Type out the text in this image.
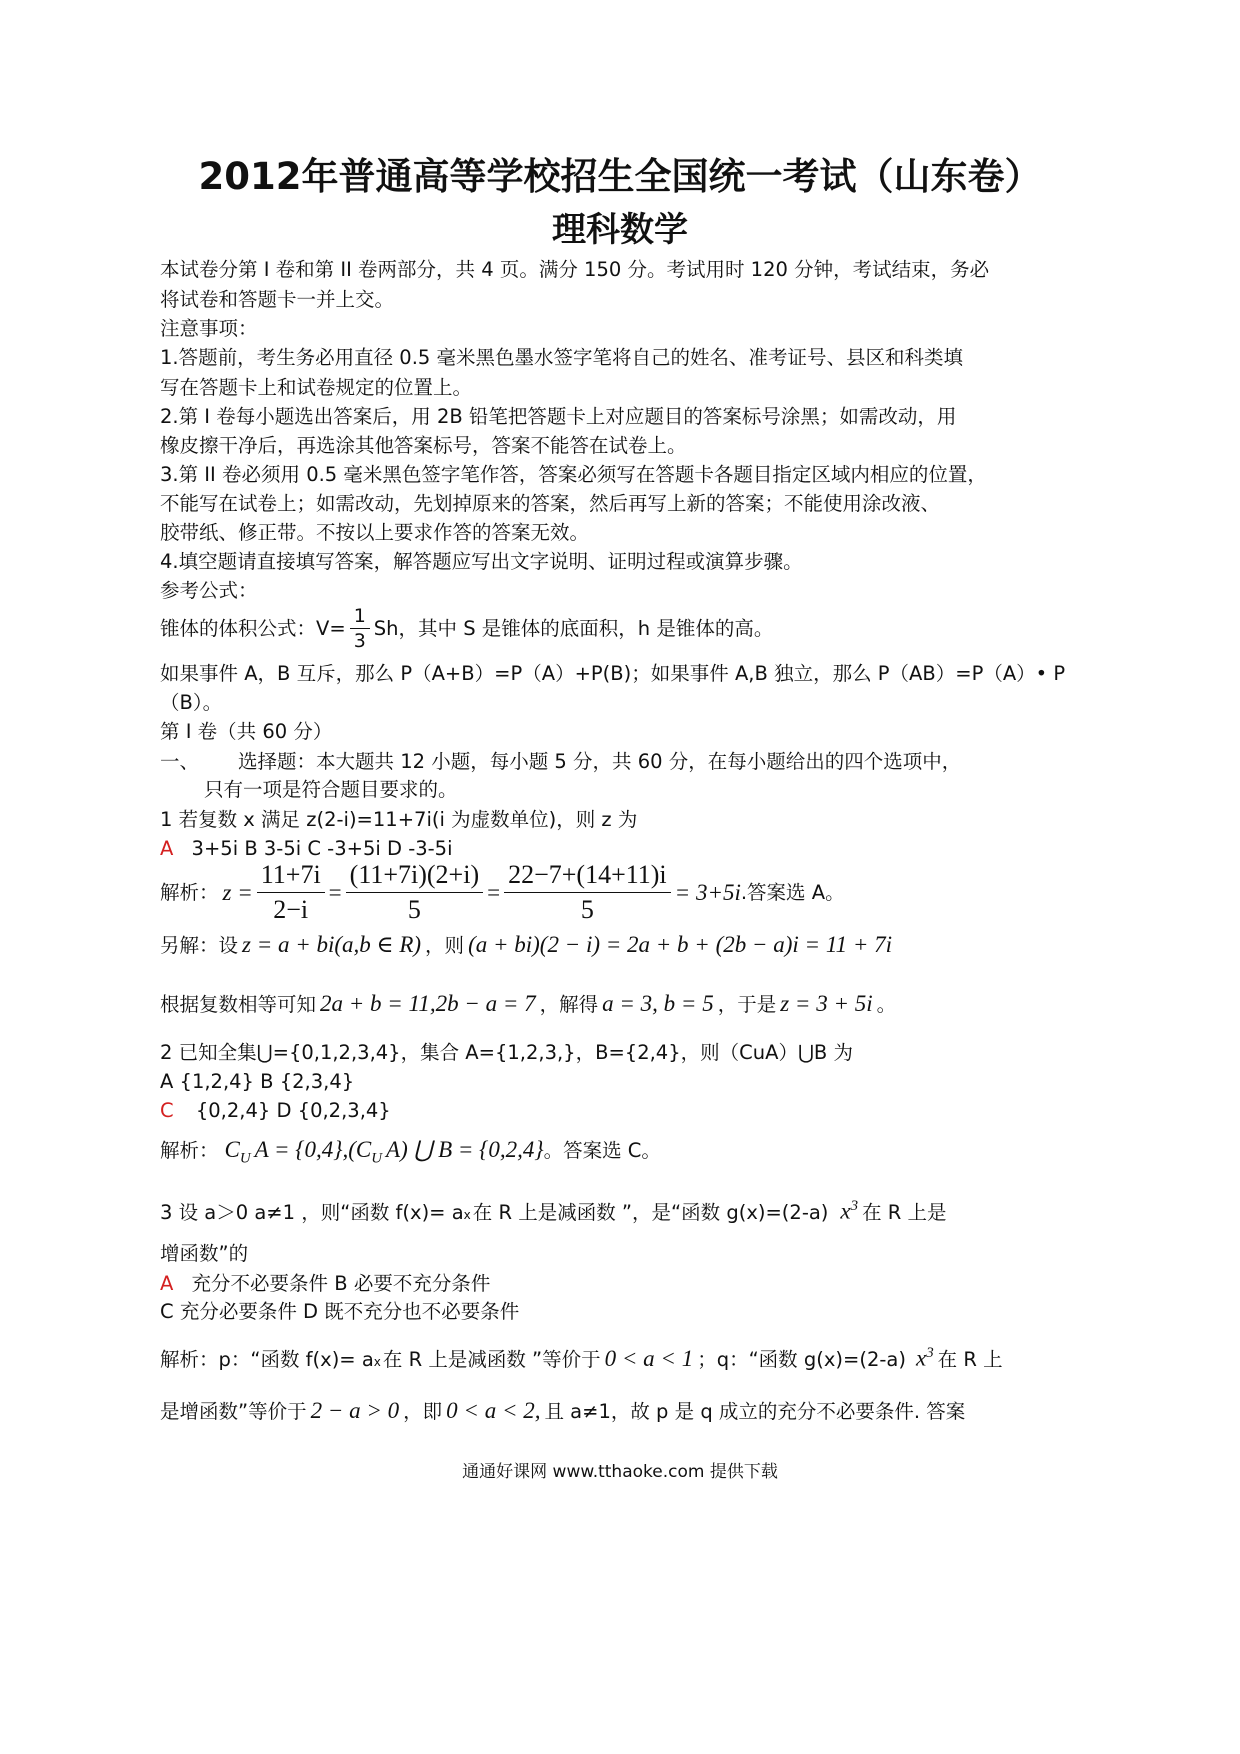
2012年普通高等学校招生全国统一考试（山东卷）
理科数学
本试卷分第 I 卷和第 II 卷两部分，共 4 页。满分 150 分。考试用时 120 分钟，考试结束，务必
将试卷和答题卡一并上交。
注意事项：
1.答题前，考生务必用直径 0.5 毫米黑色墨水签字笔将自己的姓名、准考证号、县区和科类填
写在答题卡上和试卷规定的位置上。
2.第 I 卷每小题选出答案后，用 2B 铅笔把答题卡上对应题目的答案标号涂黑；如需改动，用
橡皮擦干净后，再选涂其他答案标号，答案不能答在试卷上。
3.第 II 卷必须用 0.5 毫米黑色签字笔作答，答案必须写在答题卡各题目指定区域内相应的位置，
不能写在试卷上；如需改动，先划掉原来的答案，然后再写上新的答案；不能使用涂改液、
胶带纸、修正带。不按以上要求作答的答案无效。
4.填空题请直接填写答案，解答题应写出文字说明、证明过程或演算步骤。
参考公式：
锥体的体积公式：$V= \frac{1}{3}$ Sh，其中 S 是锥体的底面积，h 是锥体的高。
如果事件 A，B 互斥，那么 P（A+B）=P（A）+P(B)；如果事件 A,B 独立，那么 P（AB）=P（A）• P
（B）。
第 I 卷（共 60 分）
一、 选择题：本大题共 12 小题，每小题 5 分，共 60 分，在每小题给出的四个选项中，
只有一项是符合题目要求的。
1 若复数 x 满足 z(2-i)=11+7i(i 为虚数单位)，则 z 为
A 3+5i B 3-5i C -3+5i D -3-5i
解析： $z = \frac{11+7i}{2-i} = \frac{(11+7i)(2+i)}{5} = \frac{22-7+(14+11)i}{5} = 3+5i$ .答案选 A。
另解：设 z = a + bi(a,b ∈ R) ，则 (a + bi)(2 − i) = 2a + b + (2b − a)i = 11 + 7i
根据复数相等可知 2a + b = 11,2b − a = 7 ，解得 a = 3, b = 5 ，于是 z = 3 + 5i 。
2 已知全集⋃={0,1,2,3,4}，集合 A={1,2,3,}，B={2,4}，则（CuA）⋃B 为
A {1,2,4} B {2,3,4}
C {0,2,4} D {0,2,3,4}
解析： $C_U$ $A = \{0,4\},(C_U$ A) ⋃ B = {0,2,4} 。答案选 C。
3 设 a＞0 a≠1 ，则“函数 f(x)= a x 在 R 上是减函数 ”，是“函数 g(x)=(2-a) $x^3$ 在 R 上是
增函数”的
A 充分不必要条件 B 必要不充分条件
C 充分必要条件 D 既不充分也不必要条件
解析：p：“函数 f(x)= a x 在 R 上是减函数 ”等价于 0 < a < 1 ；q：“函数 g(x)=(2-a) $x^3$ 在 R 上
是增函数”等价于 2 − a > 0 ，即 0 < a < 2, 且 a≠1，故 p 是 q 成立的充分不必要条件. 答案
通通好课网 www.tthaoke.com 提供下载
